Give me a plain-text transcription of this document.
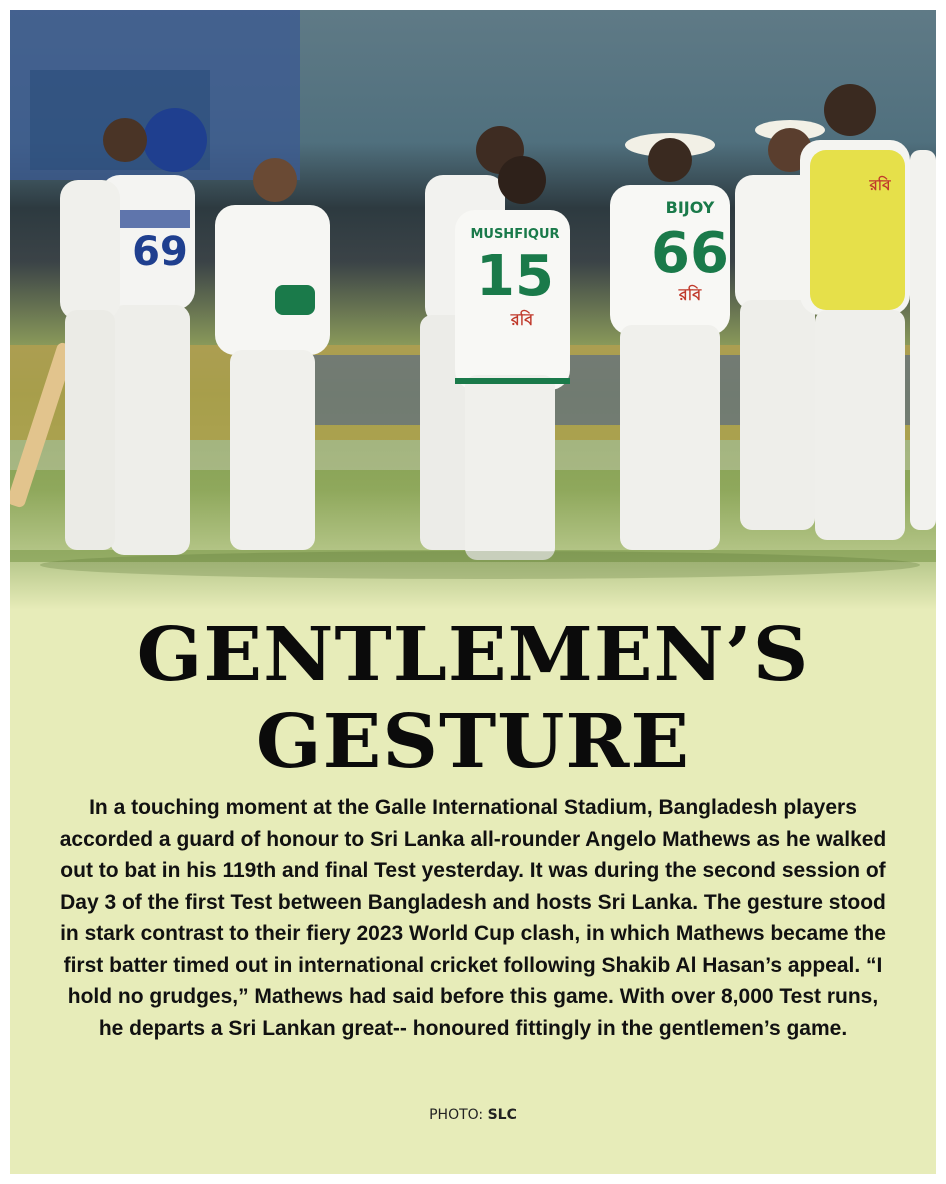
69	MUSHFIQUR
15
BIJOY
66
রবি
রবি
রবি
GENTLEMEN’S
GESTURE

In a touching moment at the Galle International Stadium, Bangladesh players accorded a guard of honour to Sri Lanka all-rounder Angelo Mathews as he walked out to bat in his 119th and final Test yesterday. It was during the second session of Day 3 of the first Test between Bangladesh and hosts Sri Lanka. The gesture stood in stark contrast to their fiery 2023 World Cup clash, in which Mathews became the first batter timed out in international cricket following Shakib Al Hasan’s appeal. “I hold no grudges,” Mathews had said before this game. With over 8,000 Test runs, he departs a Sri Lankan great-- honoured fittingly in the gentlemen’s game.

PHOTO: SLC
